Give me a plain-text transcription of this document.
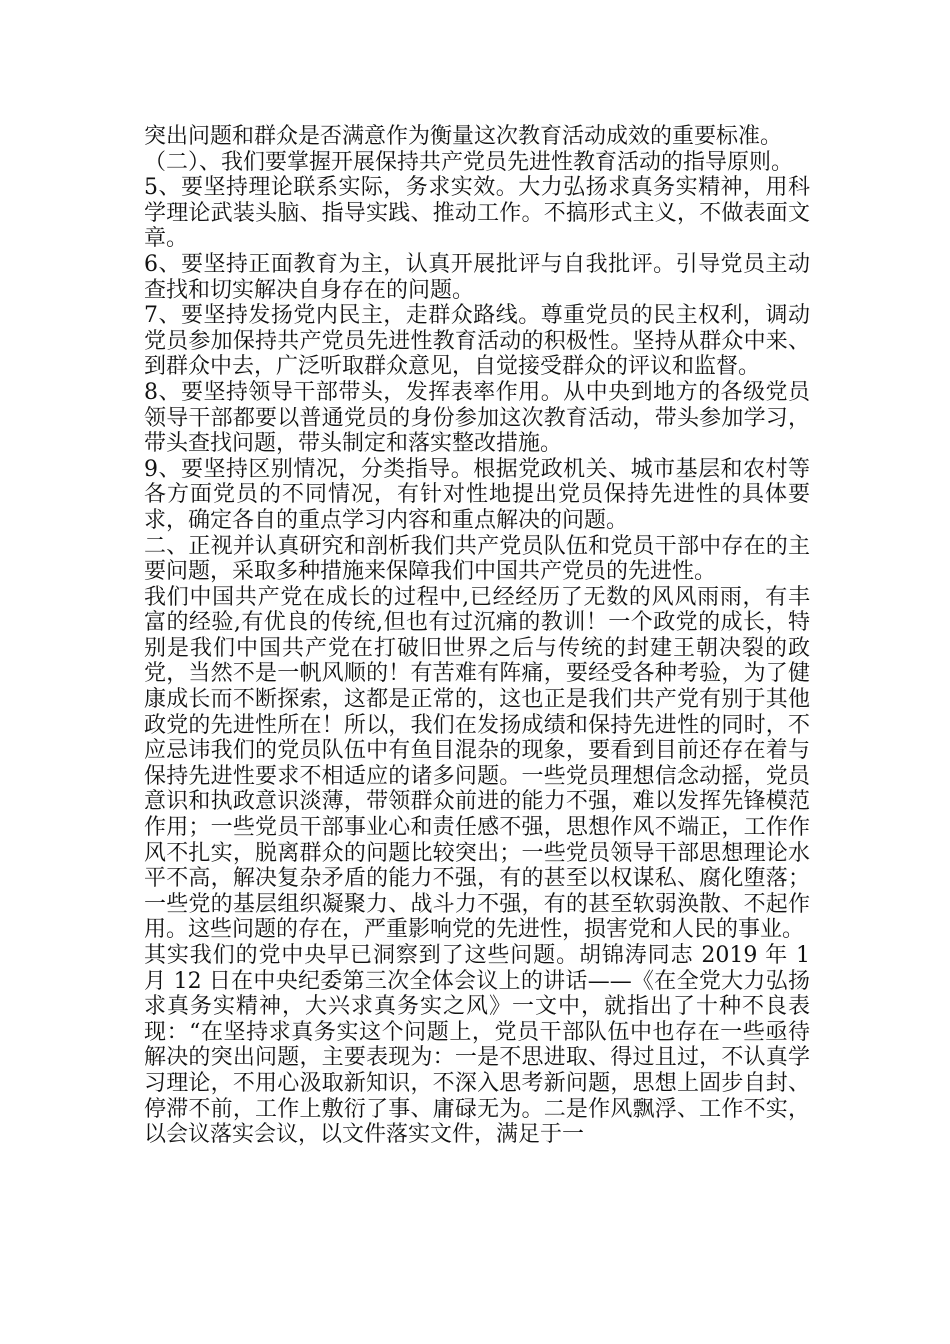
突出问题和群众是否满意作为衡量这次教育活动成效的重要标准。

（二）、我们要掌握开展保持共产党员先进性教育活动的指导原则。

5、要坚持理论联系实际，务求实效。大力弘扬求真务实精神，用科学理论武装头脑、指导实践、推动工作。不搞形式主义，不做表面文章。

6、要坚持正面教育为主，认真开展批评与自我批评。引导党员主动查找和切实解决自身存在的问题。

7、要坚持发扬党内民主，走群众路线。尊重党员的民主权利，调动党员参加保持共产党员先进性教育活动的积极性。坚持从群众中来、到群众中去，广泛听取群众意见，自觉接受群众的评议和监督。

8、要坚持领导干部带头，发挥表率作用。从中央到地方的各级党员领导干部都要以普通党员的身份参加这次教育活动，带头参加学习，带头查找问题，带头制定和落实整改措施。

9、要坚持区别情况，分类指导。根据党政机关、城市基层和农村等各方面党员的不同情况，有针对性地提出党员保持先进性的具体要求，确定各自的重点学习内容和重点解决的问题。

二、正视并认真研究和剖析我们共产党员队伍和党员干部中存在的主要问题，采取多种措施来保障我们中国共产党员的先进性。

我们中国共产党在成长的过程中,已经经历了无数的风风雨雨，有丰富的经验,有优良的传统,但也有过沉痛的教训！一个政党的成长，特别是我们中国共产党在打破旧世界之后与传统的封建王朝决裂的政党，当然不是一帆风顺的！有苦难有阵痛，要经受各种考验，为了健康成长而不断探索，这都是正常的，这也正是我们共产党有别于其他政党的先进性所在！所以，我们在发扬成绩和保持先进性的同时，不应忌讳我们的党员队伍中有鱼目混杂的现象，要看到目前还存在着与保持先进性要求不相适应的诸多问题。一些党员理想信念动摇，党员意识和执政意识淡薄，带领群众前进的能力不强，难以发挥先锋模范作用；一些党员干部事业心和责任感不强，思想作风不端正，工作作风不扎实，脱离群众的问题比较突出；一些党员领导干部思想理论水平不高，解决复杂矛盾的能力不强，有的甚至以权谋私、腐化堕落；一些党的基层组织凝聚力、战斗力不强，有的甚至软弱涣散、不起作用。这些问题的存在，严重影响党的先进性，损害党和人民的事业。

其实我们的党中央早已洞察到了这些问题。胡锦涛同志 2019 年 1 月 12 日在中央纪委第三次全体会议上的讲话——《在全党大力弘扬求真务实精神，大兴求真务实之风》一文中，就指出了十种不良表现：“在坚持求真务实这个问题上，党员干部队伍中也存在一些亟待解决的突出问题，主要表现为：一是不思进取、得过且过，不认真学习理论，不用心汲取新知识，不深入思考新问题，思想上固步自封、停滞不前，工作上敷衍了事、庸碌无为。二是作风飘浮、工作不实，以会议落实会议，以文件落实文件，满足于一
